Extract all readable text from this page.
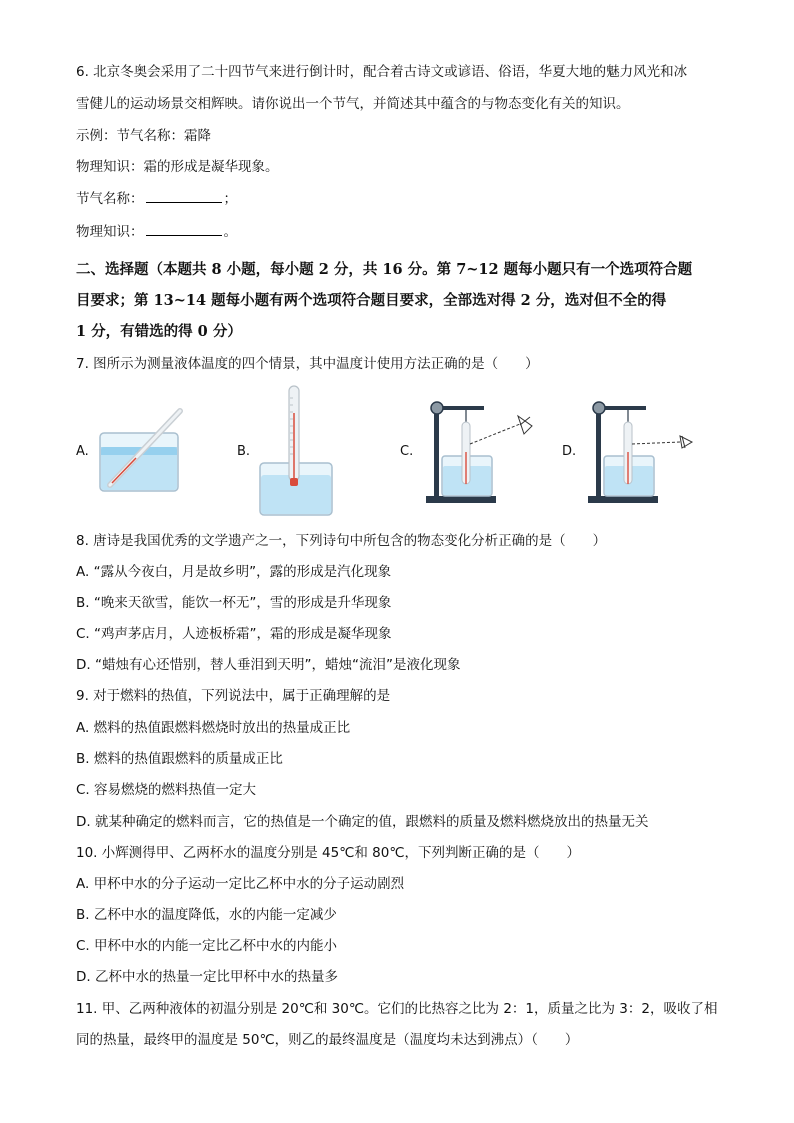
6. 北京冬奥会采用了二十四节气来进行倒计时，配合着古诗文或谚语、俗语，华夏大地的魅力风光和冰
雪健儿的运动场景交相辉映。请你说出一个节气，并简述其中蕴含的与物态变化有关的知识。
示例：节气名称：霜降
物理知识：霜的形成是凝华现象。
节气名称：	；
物理知识：	。
二、选择题（本题共 8 小题，每小题 2 分，共 16 分。第 7~12 题每小题只有一个选项符合题
目要求；第 13~14 题每小题有两个选项符合题目要求，全部选对得 2 分，选对但不全的得
1 分，有错选的得 0 分）
7. 图所示为测量液体温度的四个情景，其中温度计使用方法正确的是（　　）
A.	B.	C.	D.
8. 唐诗是我国优秀的文学遗产之一，下列诗句中所包含的物态变化分析正确的是（　　）
A. “露从今夜白，月是故乡明”，露的形成是汽化现象
B. “晚来天欲雪，能饮一杯无”，雪的形成是升华现象
C. “鸡声茅店月，人迹板桥霜”，霜的形成是凝华现象
D. “蜡烛有心还惜别，替人垂泪到天明”，蜡烛“流泪”是液化现象
9. 对于燃料的热值，下列说法中，属于正确理解的是
A. 燃料的热值跟燃料燃烧时放出的热量成正比
B. 燃料的热值跟燃料的质量成正比
C. 容易燃烧的燃料热值一定大
D. 就某种确定的燃料而言，它的热值是一个确定的值，跟燃料的质量及燃料燃烧放出的热量无关
10. 小辉测得甲、乙两杯水的温度分别是 45℃和 80℃，下列判断正确的是（　　）
A. 甲杯中水的分子运动一定比乙杯中水的分子运动剧烈
B. 乙杯中水的温度降低，水的内能一定减少
C. 甲杯中水的内能一定比乙杯中水的内能小
D. 乙杯中水的热量一定比甲杯中水的热量多
11. 甲、乙两种液体的初温分别是 20℃和 30℃。它们的比热容之比为 2：1，质量之比为 3：2，吸收了相
同的热量，最终甲的温度是 50℃，则乙的最终温度是（温度均未达到沸点）（　　）
